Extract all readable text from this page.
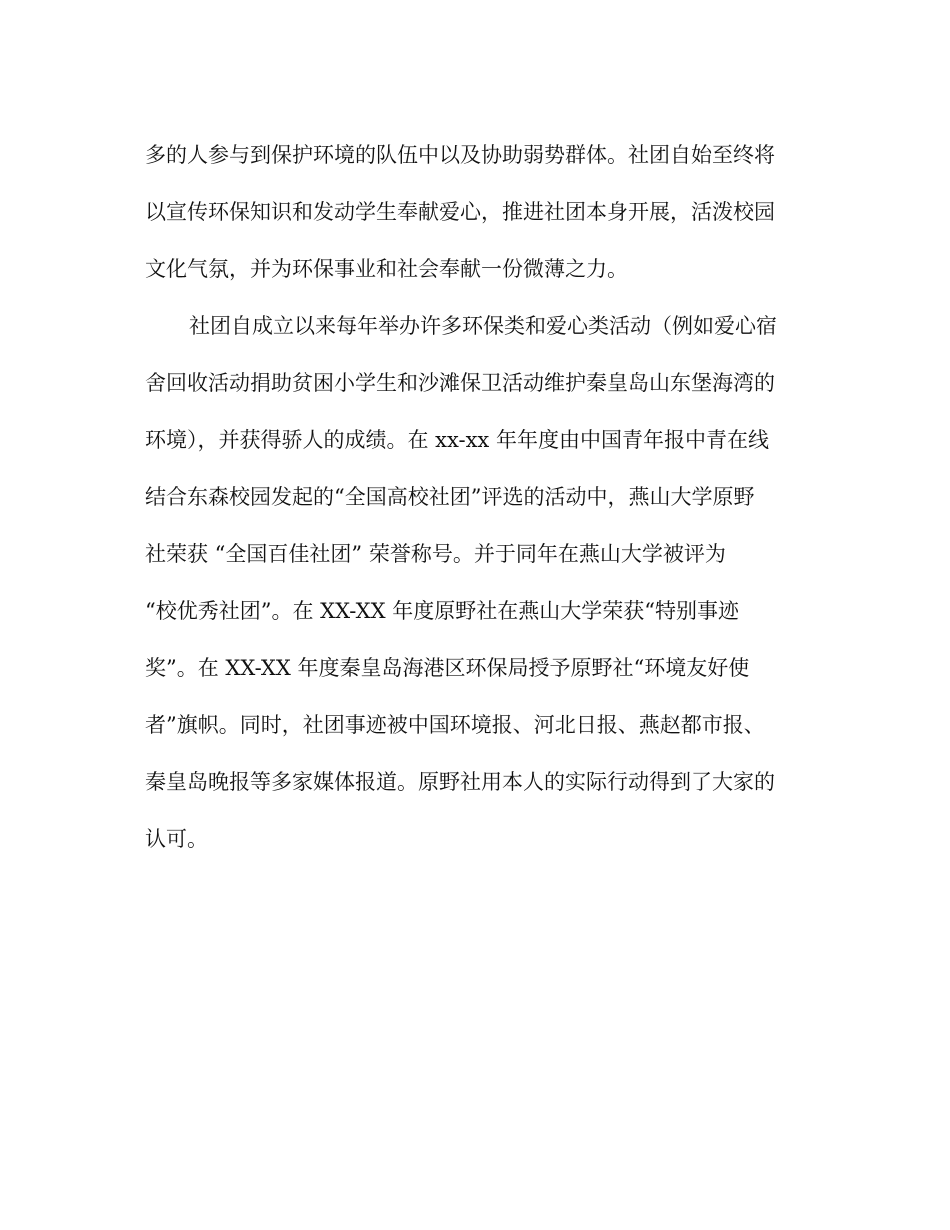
多的人参与到保护环境的队伍中以及协助弱势群体。社团自始至终将
以宣传环保知识和发动学生奉献爱心，推进社团本身开展，活泼校园
文化气氛，并为环保事业和社会奉献一份微薄之力。
社团自成立以来每年举办许多环保类和爱心类活动（例如爱心宿
舍回收活动捐助贫困小学生和沙滩保卫活动维护秦皇岛山东堡海湾的
环境），并获得骄人的成绩。在 xx-xx 年年度由中国青年报中青在线
结合东森校园发起的“全国高校社团”评选的活动中，燕山大学原野
社荣获 “全国百佳社团” 荣誉称号。并于同年在燕山大学被评为
“校优秀社团”。在 XX-XX 年度原野社在燕山大学荣获“特别事迹
奖”。在 XX-XX 年度秦皇岛海港区环保局授予原野社“环境友好使
者”旗帜。同时，社团事迹被中国环境报、河北日报、燕赵都市报、
秦皇岛晚报等多家媒体报道。原野社用本人的实际行动得到了大家的
认可。
